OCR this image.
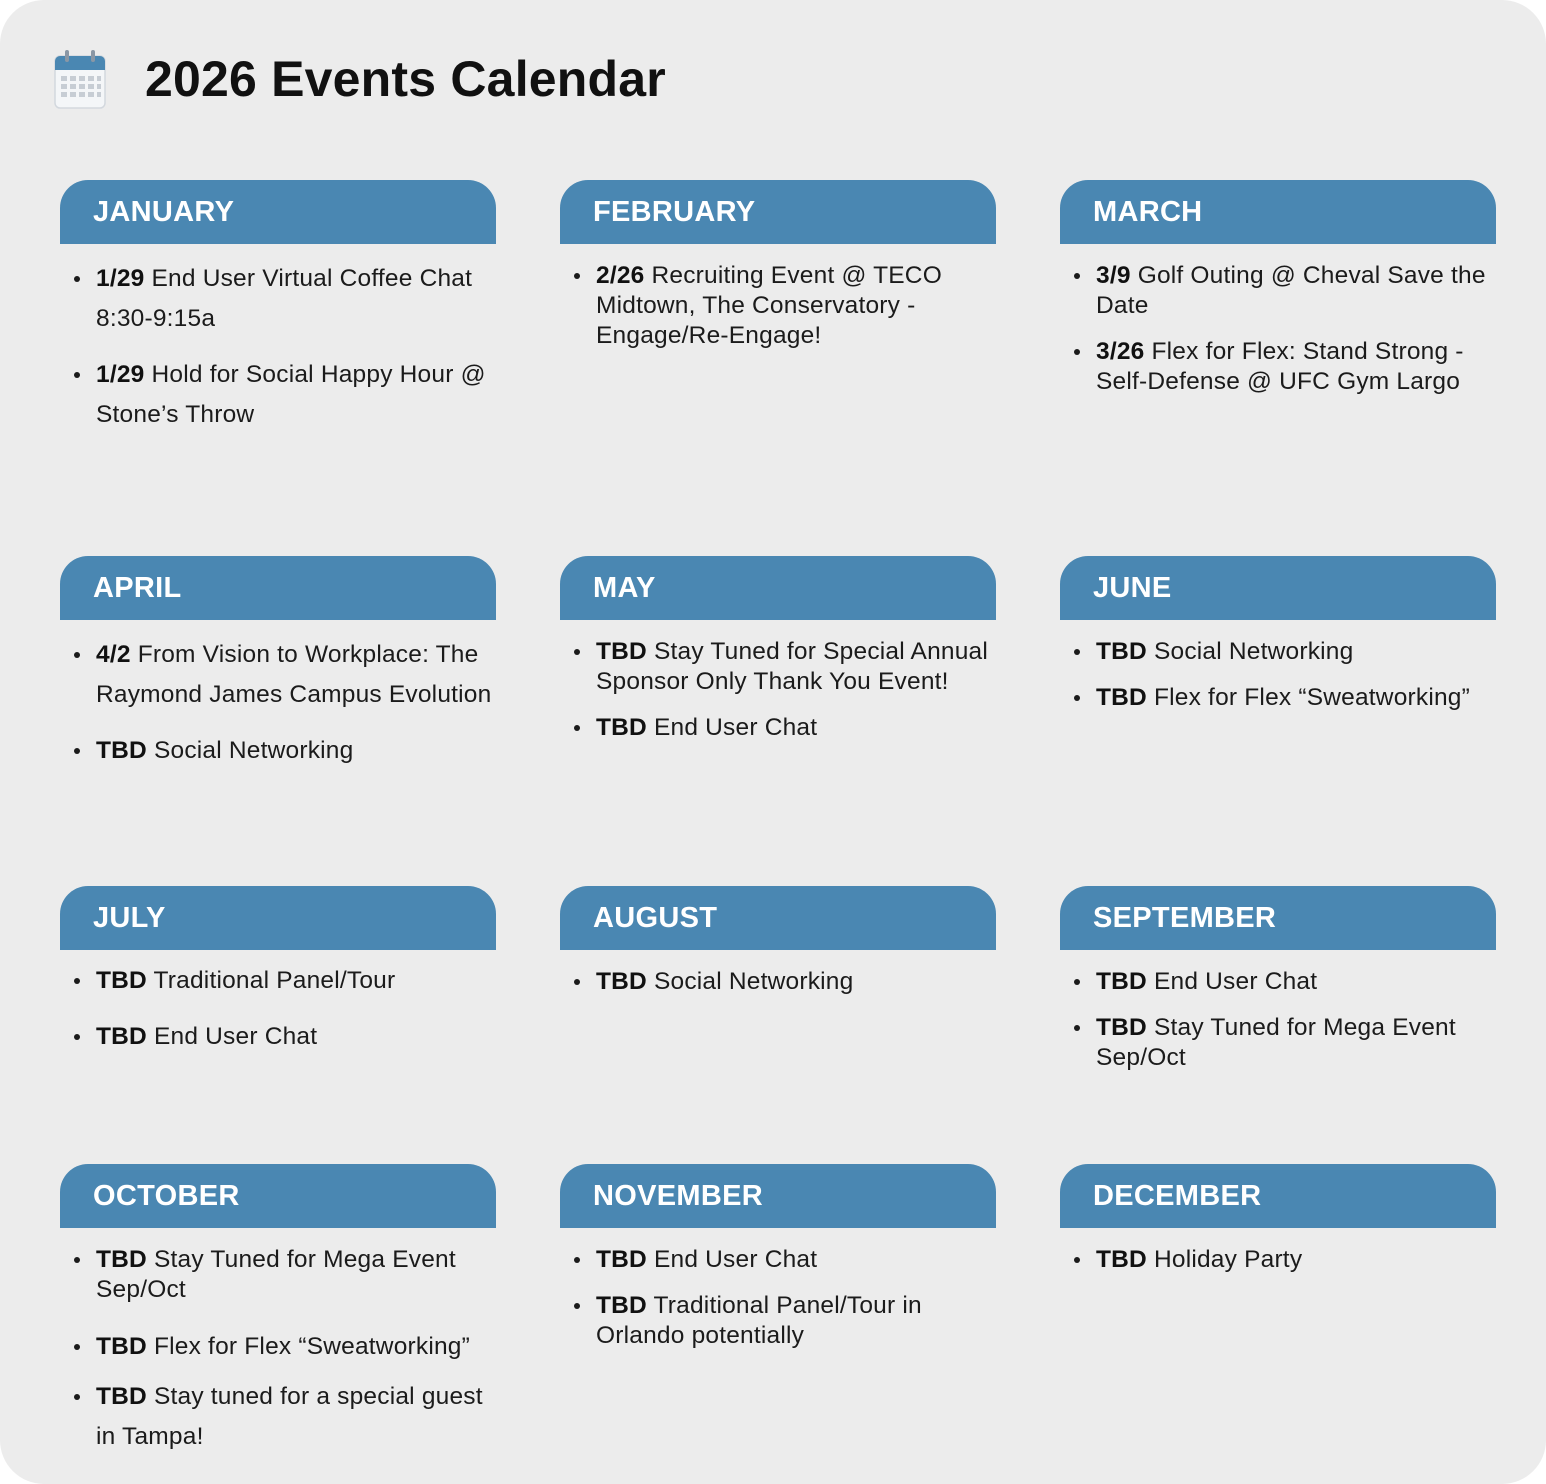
2026 Events Calendar
JANUARY
1/29 End User Virtual Coffee Chat 8:30-9:15a
1/29 Hold for Social Happy Hour @ Stone’s Throw
FEBRUARY
2/26 Recruiting Event @ TECO Midtown, The Conservatory - Engage/Re-Engage!
MARCH
3/9 Golf Outing @ Cheval Save the Date
3/26 Flex for Flex: Stand Strong - Self-Defense @ UFC Gym Largo
APRIL
4/2 From Vision to Workplace: The Raymond James Campus Evolution
TBD Social Networking
MAY
TBD Stay Tuned for Special Annual Sponsor Only Thank You Event!
TBD End User Chat
JUNE
TBD Social Networking
TBD Flex for Flex “Sweatworking”
JULY
TBD Traditional Panel/Tour
TBD End User Chat
AUGUST
TBD Social Networking
SEPTEMBER
TBD End User Chat
TBD Stay Tuned for Mega Event Sep/Oct
OCTOBER
TBD Stay Tuned for Mega Event Sep/Oct
TBD Flex for Flex “Sweatworking”
TBD Stay tuned for a special guest in Tampa!
NOVEMBER
TBD End User Chat
TBD Traditional Panel/Tour in Orlando potentially
DECEMBER
TBD Holiday Party
